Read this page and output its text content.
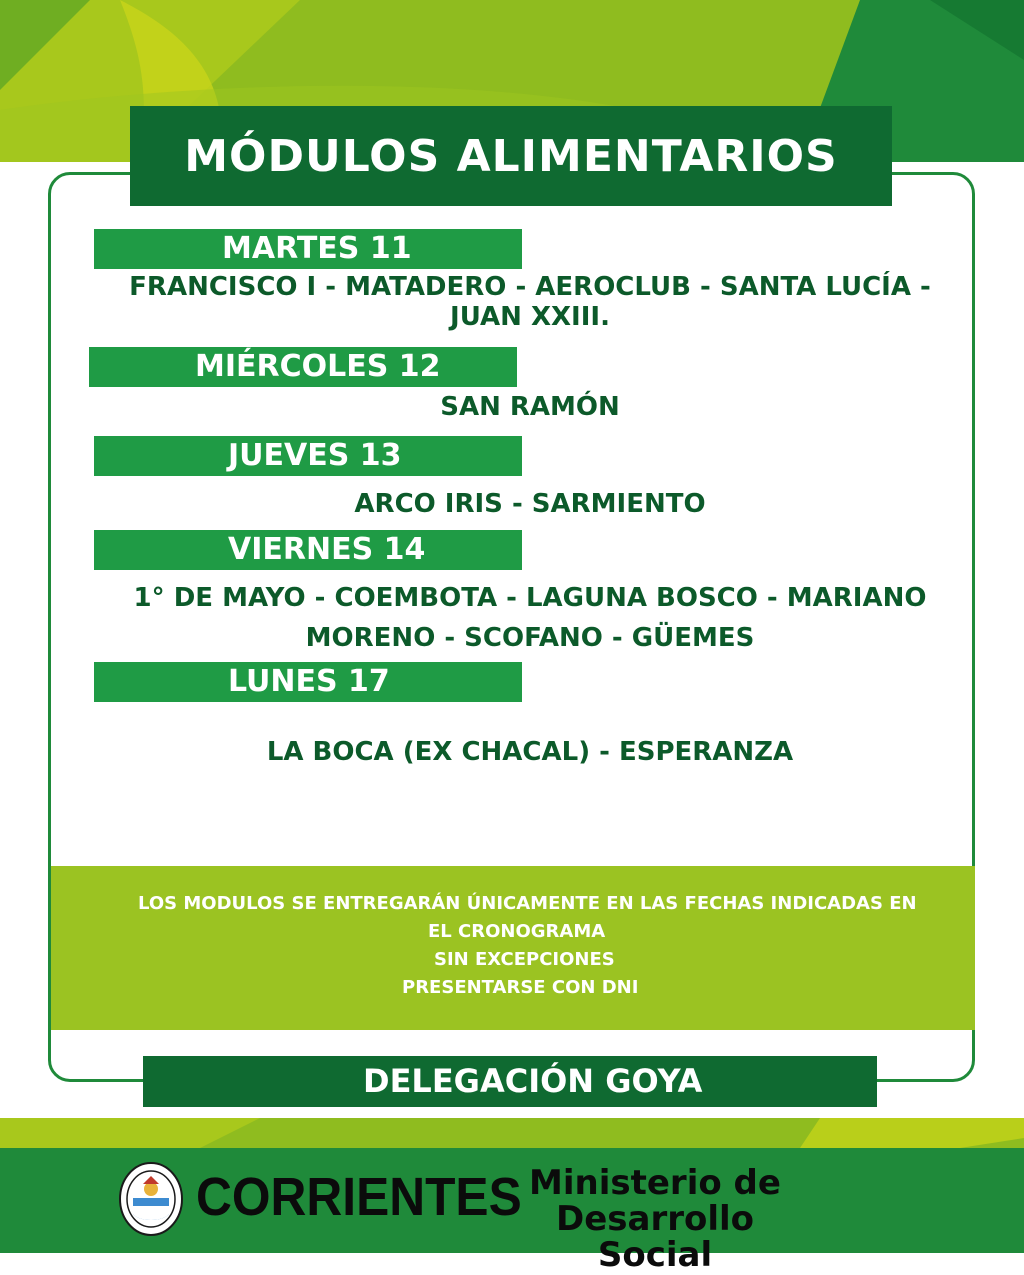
MÓDULOS ALIMENTARIOS
MARTES 11
FRANCISCO I - MATADERO - AEROCLUB - SANTA LUCÍA -
JUAN XXIII.
MIÉRCOLES 12
SAN RAMÓN
JUEVES 13
ARCO IRIS - SARMIENTO
VIERNES 14
1° DE MAYO - COEMBOTA - LAGUNA BOSCO - MARIANO
MORENO - SCOFANO - GÜEMES
LUNES 17
LA BOCA (EX CHACAL) - ESPERANZA
LOS MODULOS SE ENTREGARÁN ÚNICAMENTE EN LAS FECHAS INDICADAS EN
EL CRONOGRAMA
SIN EXCEPCIONES
PRESENTARSE CON DNI
DELEGACIÓN GOYA
CORRIENTES Ministerio de
Desarrollo Social
